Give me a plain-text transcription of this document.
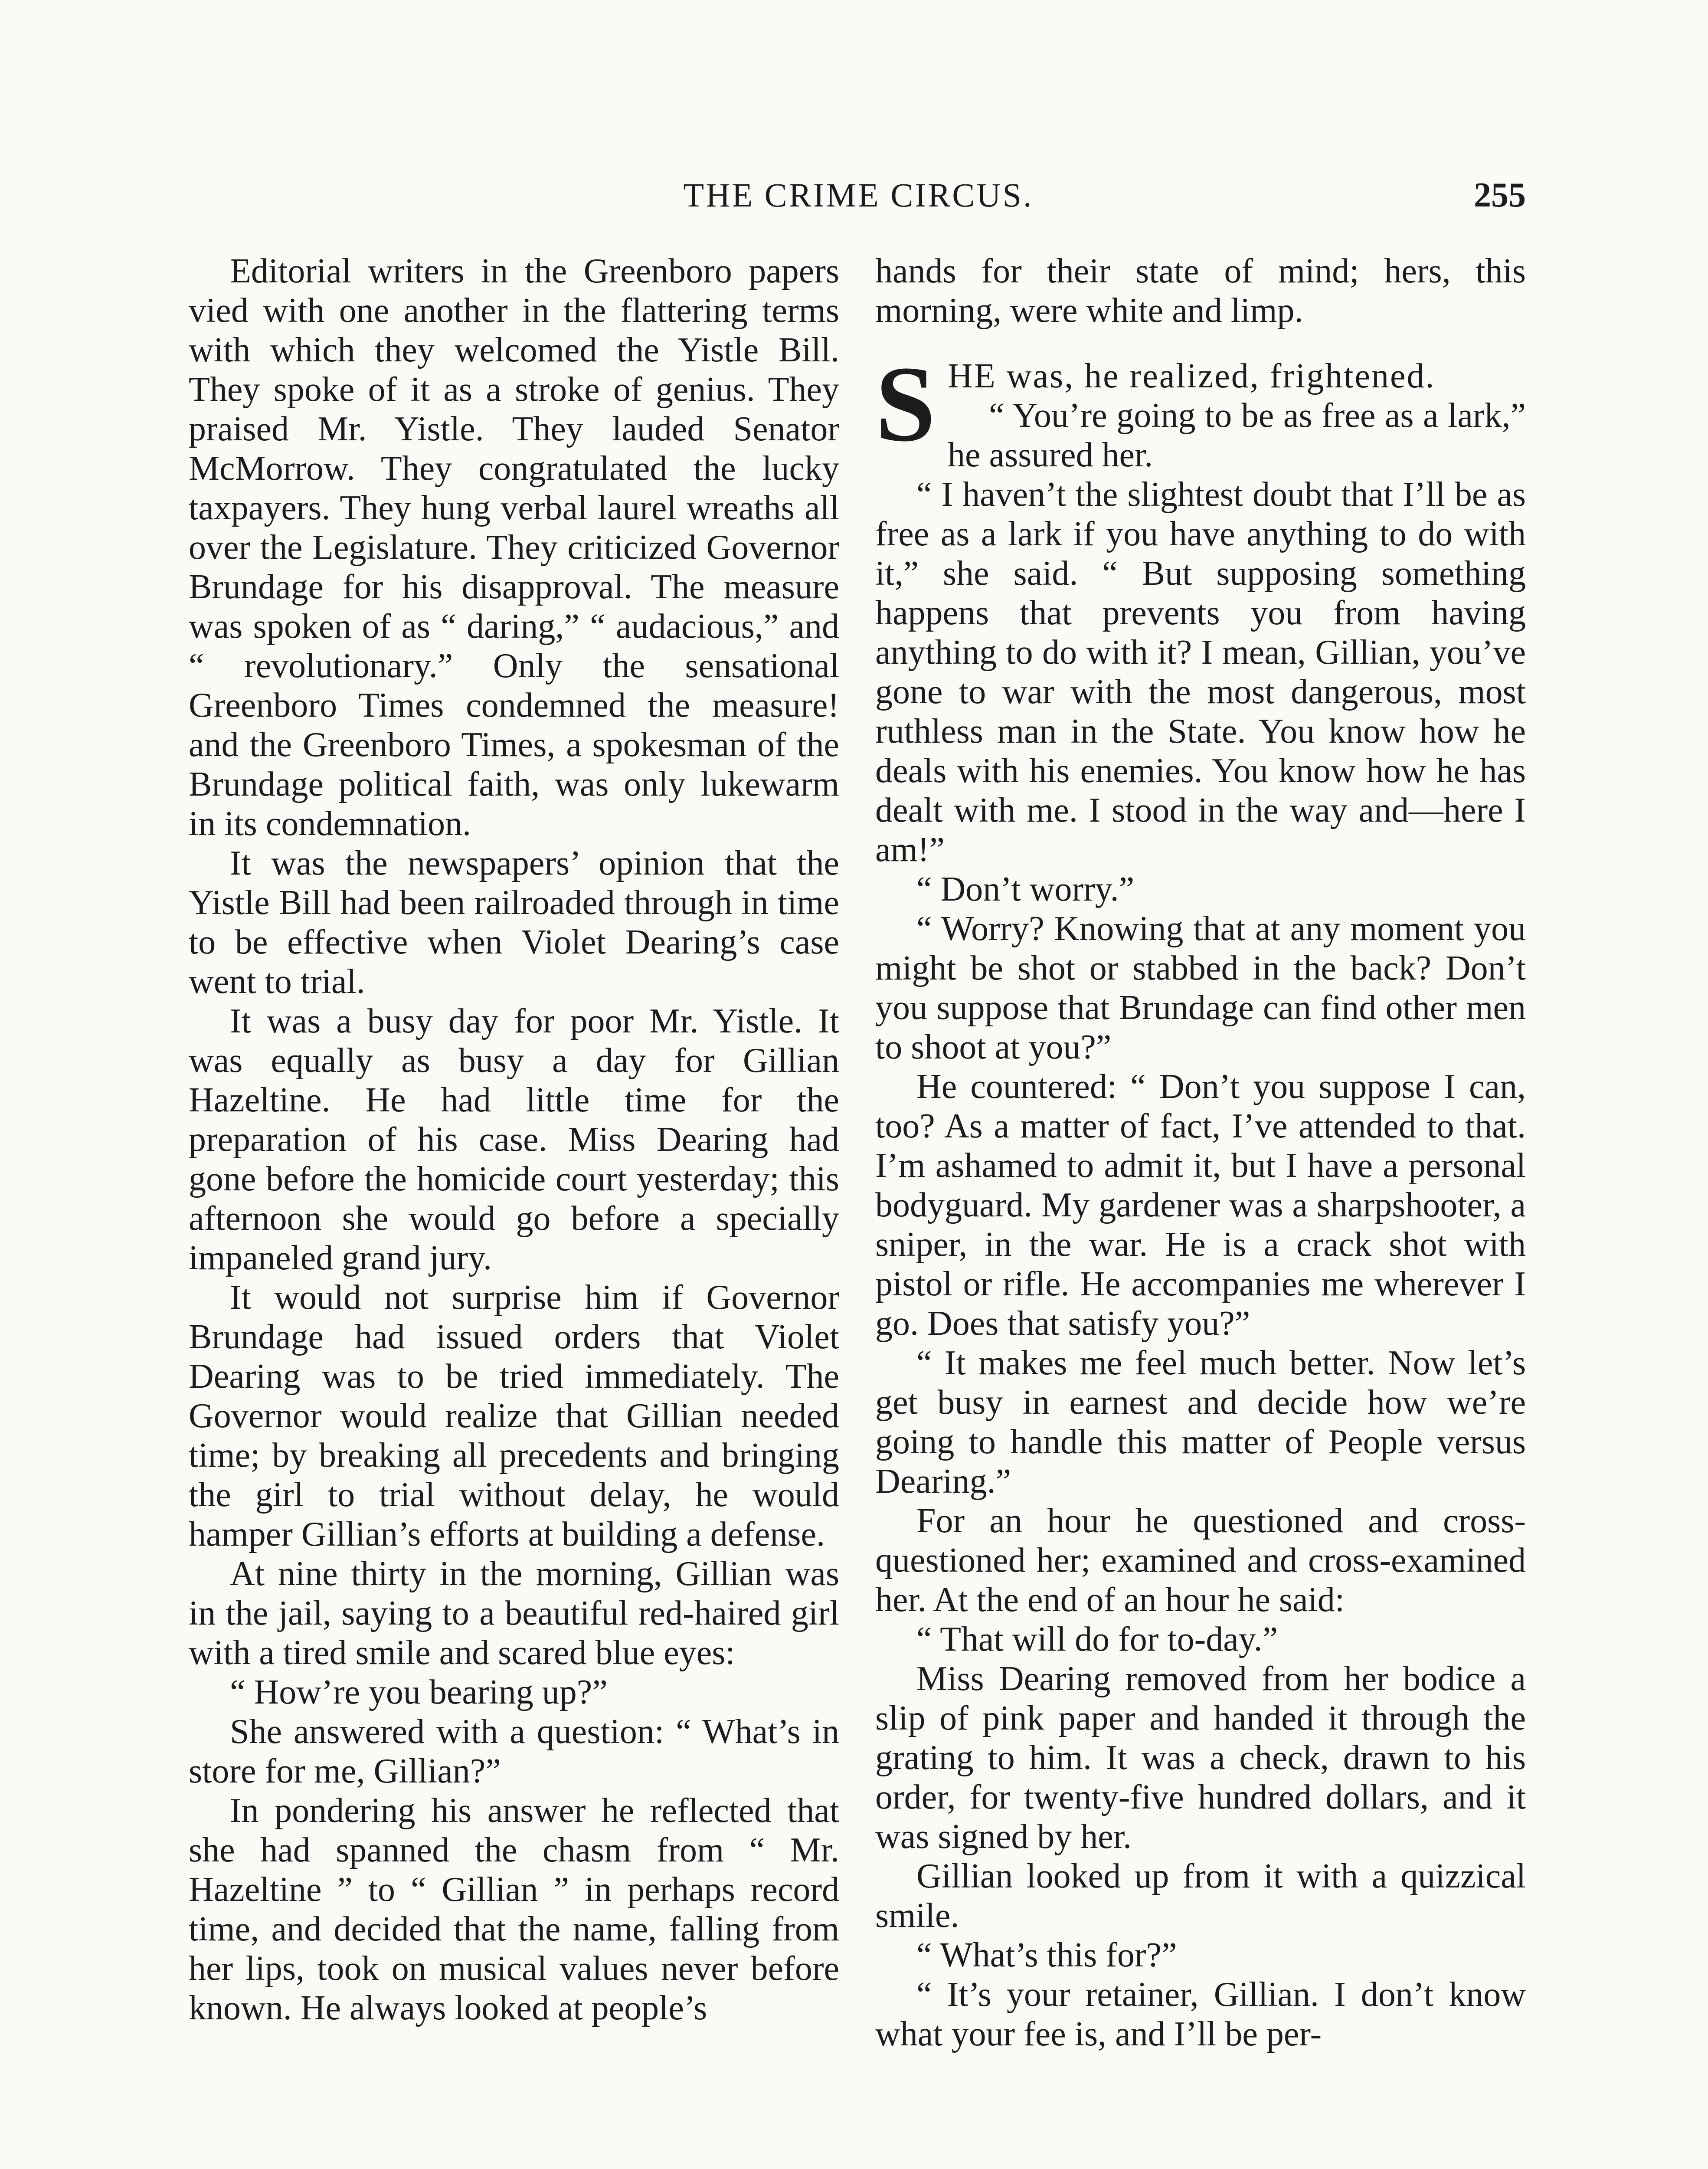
THE CRIME CIRCUS.	255

Editorial writers in the Greenboro papers vied with one another in the flattering terms with which they welcomed the Yistle Bill. They spoke of it as a stroke of genius. They praised Mr. Yistle. They lauded Senator McMorrow. They congratulated the lucky taxpayers. They hung verbal laurel wreaths all over the Legislature. They criticized Governor Brundage for his disapproval. The measure was spoken of as “ daring,” “ audacious,” and “ revolutionary.” Only the sensational Greenboro Times condemned the measure! and the Greenboro Times, a spokesman of the Brundage political faith, was only lukewarm in its condemnation.

It was the newspapers’ opinion that the Yistle Bill had been railroaded through in time to be effective when Violet Dearing’s case went to trial.

It was a busy day for poor Mr. Yistle. It was equally as busy a day for Gillian Hazeltine. He had little time for the preparation of his case. Miss Dearing had gone before the homicide court yesterday; this afternoon she would go before a specially impaneled grand jury.

It would not surprise him if Governor Brundage had issued orders that Violet Dearing was to be tried immediately. The Governor would realize that Gillian needed time; by breaking all precedents and bringing the girl to trial without delay, he would hamper Gillian’s efforts at building a defense.

At nine thirty in the morning, Gillian was in the jail, saying to a beautiful red-haired girl with a tired smile and scared blue eyes:

“ How’re you bearing up?”

She answered with a question: “ What’s in store for me, Gillian?”

In pondering his answer he reflected that she had spanned the chasm from “ Mr. Hazeltine ” to “ Gillian ” in perhaps record time, and decided that the name, falling from her lips, took on musical values never before known. He always looked at people’s

hands for their state of mind; hers, this morning, were white and limp.

SHE was, he realized, frightened.

“ You’re going to be as free as a lark,” he assured her.

“ I haven’t the slightest doubt that I’ll be as free as a lark if you have anything to do with it,” she said. “ But supposing something happens that prevents you from having anything to do with it? I mean, Gillian, you’ve gone to war with the most dangerous, most ruthless man in the State. You know how he deals with his enemies. You know how he has dealt with me. I stood in the way and—here I am!”

“ Don’t worry.”

“ Worry? Knowing that at any moment you might be shot or stabbed in the back? Don’t you suppose that Brundage can find other men to shoot at you?”

He countered: “ Don’t you suppose I can, too? As a matter of fact, I’ve attended to that. I’m ashamed to admit it, but I have a personal bodyguard. My gardener was a sharpshooter, a sniper, in the war. He is a crack shot with pistol or rifle. He accompanies me wherever I go. Does that satisfy you?”

“ It makes me feel much better. Now let’s get busy in earnest and decide how we’re going to handle this matter of People versus Dearing.”

For an hour he questioned and cross-questioned her; examined and cross-examined her. At the end of an hour he said:

“ That will do for to-day.”

Miss Dearing removed from her bodice a slip of pink paper and handed it through the grating to him. It was a check, drawn to his order, for twenty-five hundred dollars, and it was signed by her.

Gillian looked up from it with a quizzical smile.

“ What’s this for?”

“ It’s your retainer, Gillian. I don’t know what your fee is, and I’ll be per-
